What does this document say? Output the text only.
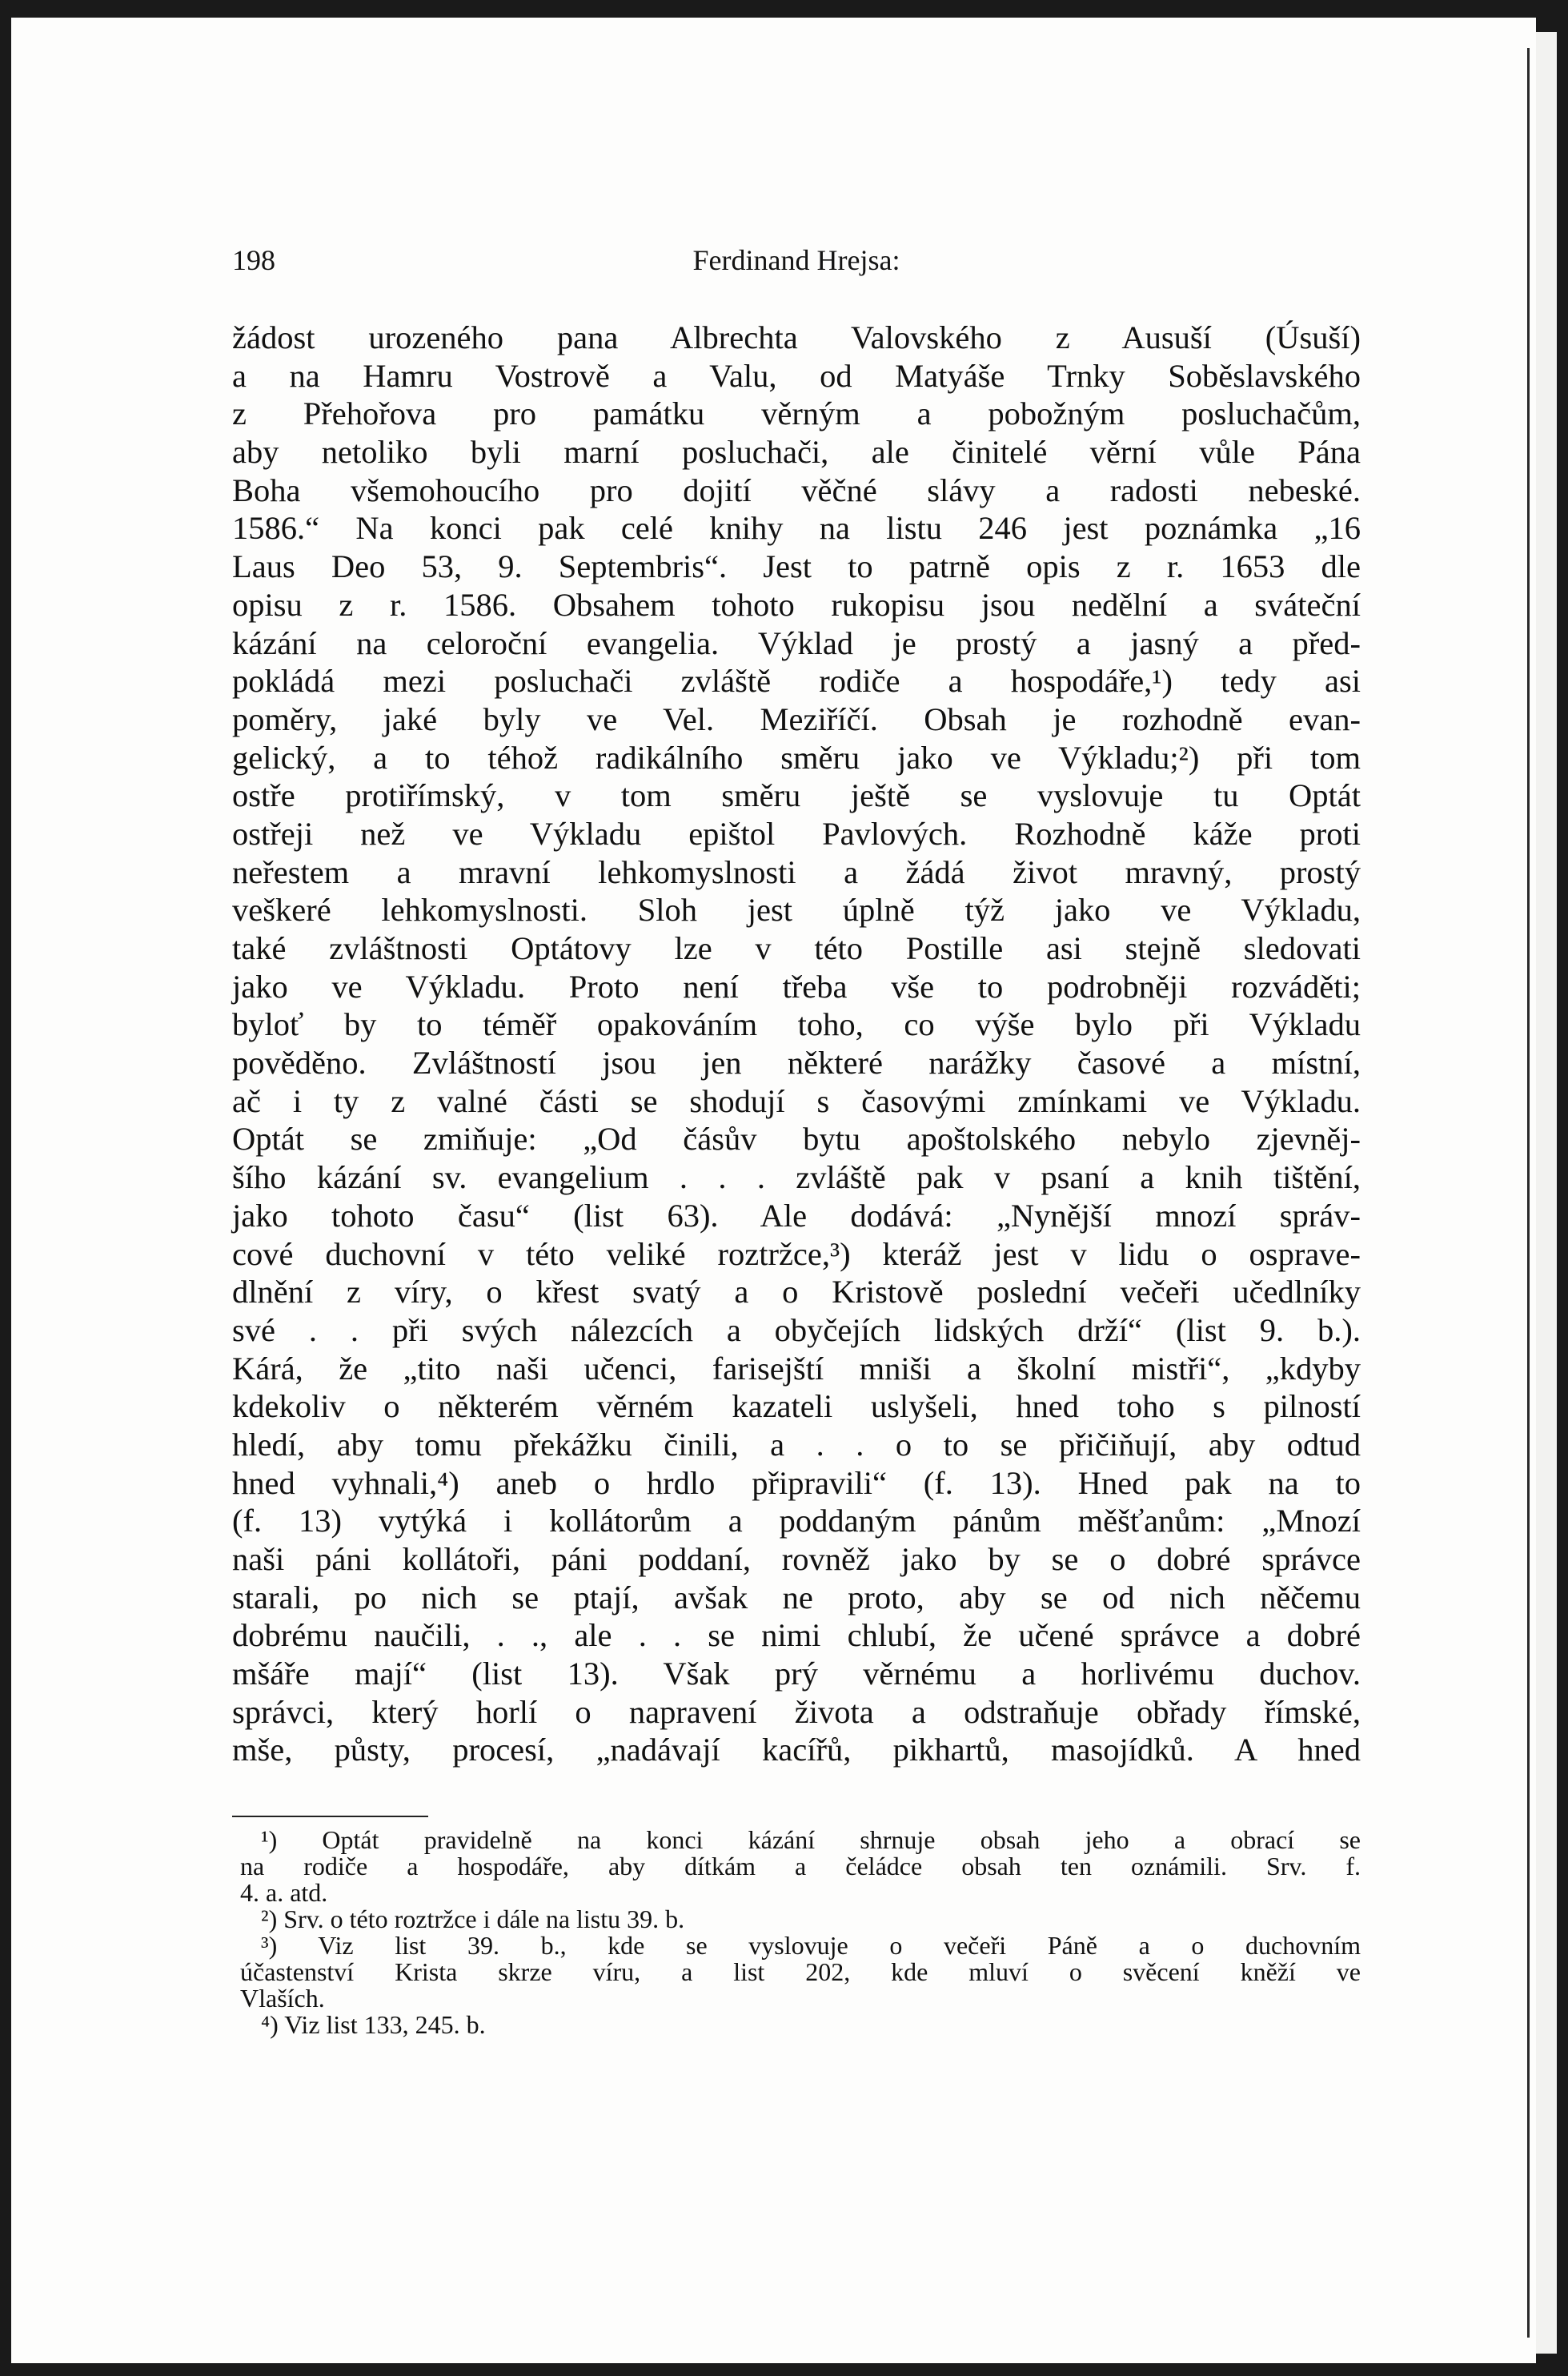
198	Ferdinand Hrejsa:
žádost urozeného pana Albrechta Valovského z Ausuší (Úsuší)
a na Hamru Vostrově a Valu, od Matyáše Trnky Soběslavského
z Přehořova pro památku věrným a pobožným posluchačům,
aby netoliko byli marní posluchači, ale činitelé věrní vůle Pána
Boha všemohoucího pro dojití věčné slávy a radosti nebeské.
1586.“ Na konci pak celé knihy na listu 246 jest poznámka „16
Laus Deo 53, 9. Septembris“. Jest to patrně opis z r. 1653 dle
opisu z r. 1586. Obsahem tohoto rukopisu jsou nedělní a sváteční
kázání na celoroční evangelia. Výklad je prostý a jasný a před-
pokládá mezi posluchači zvláště rodiče a hospodáře,¹) tedy asi
poměry, jaké byly ve Vel. Meziříčí. Obsah je rozhodně evan-
gelický, a to téhož radikálního směru jako ve Výkladu;²) při tom
ostře protiřímský, v tom směru ještě se vyslovuje tu Optát
ostřeji než ve Výkladu epištol Pavlových. Rozhodně káže proti
neřestem a mravní lehkomyslnosti a žádá život mravný, prostý
veškeré lehkomyslnosti. Sloh jest úplně týž jako ve Výkladu,
také zvláštnosti Optátovy lze v této Postille asi stejně sledovati
jako ve Výkladu. Proto není třeba vše to podrobněji rozváděti;
byloť by to téměř opakováním toho, co výše bylo při Výkladu
pověděno. Zvláštností jsou jen některé narážky časové a místní,
ač i ty z valné části se shodují s časovými zmínkami ve Výkladu.
Optát se zmiňuje: „Od čásův bytu apoštolského nebylo zjevněj-
šího kázání sv. evangelium . . . zvláště pak v psaní a knih tištění,
jako tohoto času“ (list 63). Ale dodává: „Nynější mnozí správ-
cové duchovní v této veliké roztržce,³) kteráž jest v lidu o osprave-
dlnění z víry, o křest svatý a o Kristově poslední večeři učedlníky
své . . při svých nálezcích a obyčejích lidských drží“ (list 9. b.).
Kárá, že „tito naši učenci, farisejští mniši a školní mistři“, „kdyby
kdekoliv o některém věrném kazateli uslyšeli, hned toho s pilností
hledí, aby tomu překážku činili, a . . o to se přičiňují, aby odtud
hned vyhnali,⁴) aneb o hrdlo připravili“ (f. 13). Hned pak na to
(f. 13) vytýká i kollátorům a poddaným pánům měšťanům: „Mnozí
naši páni kollátoři, páni poddaní, rovněž jako by se o dobré správce
starali, po nich se ptají, avšak ne proto, aby se od nich něčemu
dobrému naučili, . ., ale . . se nimi chlubí, že učené správce a dobré
mšáře mají“ (list 13). Však prý věrnému a horlivému duchov.
správci, který horlí o napravení života a odstraňuje obřady římské,
mše, půsty, procesí, „nadávají kacířů, pikhartů, masojídků. A hned
¹) Optát pravidelně na konci kázání shrnuje obsah jeho a obrací se
na rodiče a hospodáře, aby dítkám a čeládce obsah ten oznámili. Srv. f.
4. a. atd.
²) Srv. o této roztržce i dále na listu 39. b.
³) Viz list 39. b., kde se vyslovuje o večeři Páně a o duchovním
účastenství Krista skrze víru, a list 202, kde mluví o svěcení kněží ve
Vlaších.
⁴) Viz list 133, 245. b.
